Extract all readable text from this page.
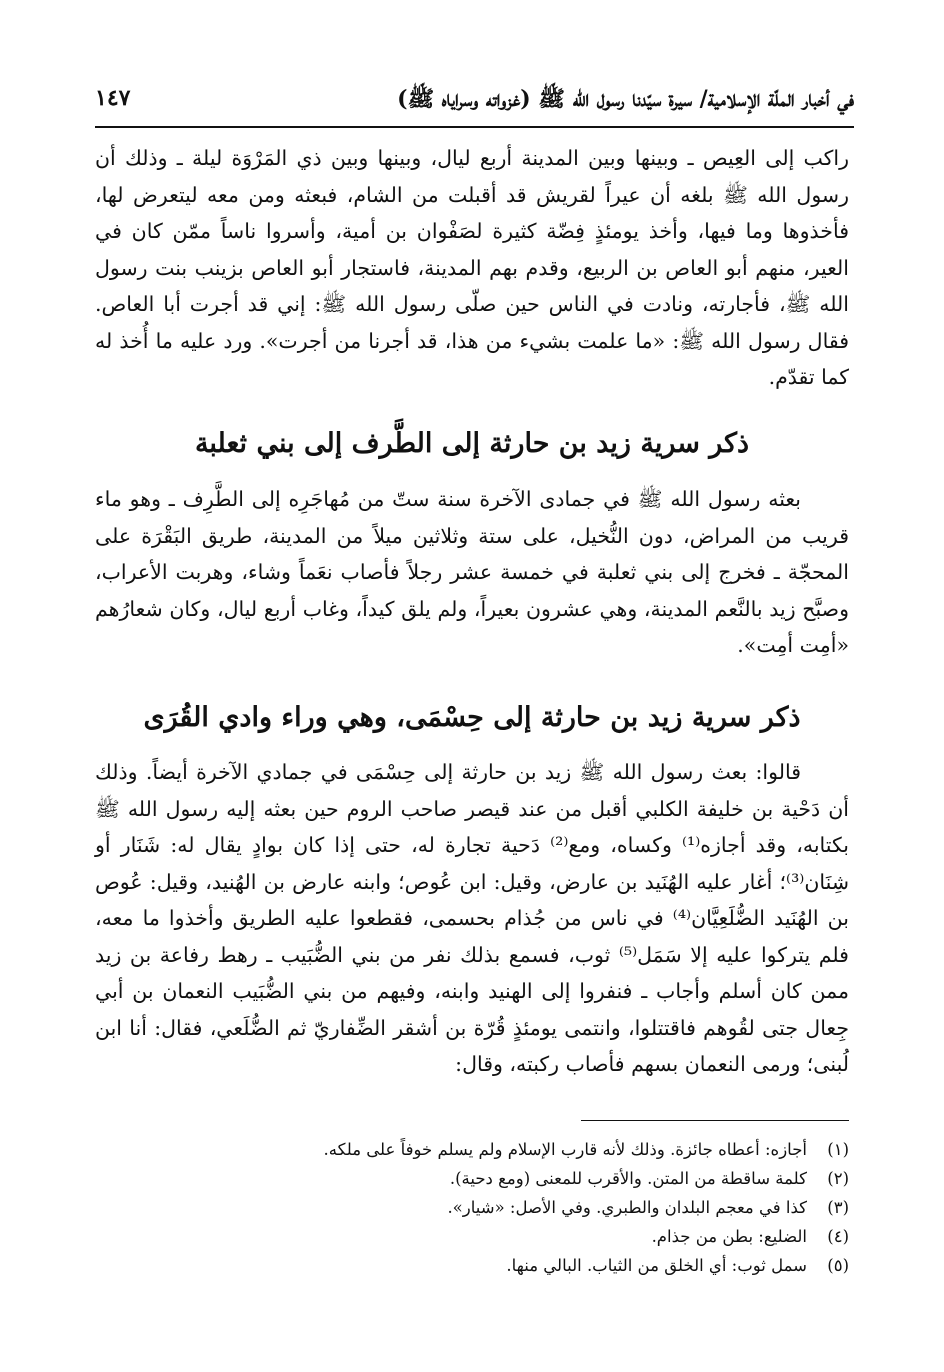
في أخبار الملّة الإسلامية/ سيرة سيّدنا رسول الله ﷺ (غزواته وسراياه ﷺ)
١٤٧

راكب إلى العِيص ـ وبينها وبين المدينة أربع ليال، وبينها وبين ذي المَرْوَة ليلة ـ وذلك أن رسول الله ﷺ بلغه أن عيراً لقريش قد أقبلت من الشام، فبعثه ومن معه ليتعرض لها، فأخذوها وما فيها، وأخذ يومئذٍ فِضّة كثيرة لصَفْوان بن أمية، وأسروا ناساً ممّن كان في العير، منهم أبو العاص بن الربيع، وقدم بهم المدينة، فاستجار أبو العاص بزينب بنت رسول الله ﷺ، فأجارته، ونادت في الناس حين صلّى رسول الله ﷺ: إني قد أجرت أبا العاص. فقال رسول الله ﷺ: «ما علمت بشيء من هذا، قد أجرنا من أجرت». ورد عليه ما أُخذ له كما تقدّم.

ذكر سرية زيد بن حارثة إلى الطَّرف إلى بني ثعلبة

بعثه رسول الله ﷺ في جمادى الآخرة سنة ستّ من مُهاجَرِه إلى الطَّرِف ـ وهو ماء قريب من المراض، دون النُّخيل، على ستة وثلاثين ميلاً من المدينة، طريق البَقْرَة على المحجّة ـ فخرج إلى بني ثعلبة في خمسة عشر رجلاً فأصاب نعَماً وشاء، وهربت الأعراب، وصبَّح زيد بالنَّعم المدينة، وهي عشرون بعيراً، ولم يلق كيداً، وغاب أربع ليال، وكان شعارُهم «أمِت أمِت».

ذكر سرية زيد بن حارثة إلى حِسْمَى، وهي وراء وادي القُرَى

قالوا: بعث رسول الله ﷺ زيد بن حارثة إلى حِسْمَى في جمادي الآخرة أيضاً. وذلك أن دَحْية بن خليفة الكلبي أقبل من عند قيصر صاحب الروم حين بعثه إليه رسول الله ﷺ بكتابه، وقد أجازه⁽¹⁾ وكساه، ومع⁽²⁾ دَحية تجارة له، حتى إذا كان بوادٍ يقال له: شَنَار أو شِنَان⁽³⁾؛ أغار عليه الهُنَيد بن عارض، وقيل: ابن عُوص؛ وابنه عارض بن الهُنيد، وقيل: عُوص بن الهُنَيد الضُّلَعِيَّان⁽⁴⁾ في ناس من جُذام بحسمى، فقطعوا عليه الطريق وأخذوا ما معه، فلم يتركوا عليه إلا سَمَل⁽⁵⁾ ثوب، فسمع بذلك نفر من بني الضُّبَيب ـ رهط رفاعة بن زيد ممن كان أسلم وأجاب ـ فنفروا إلى الهنيد وابنه، وفيهم من بني الضُّبَيب النعمان بن أبي جِعال جتى لقُوهم فاقتتلوا، وانتمى يومئذٍ قُرّة بن أشقر الضِّفاريّ ثم الضُّلَعي، فقال: أنا ابن لُبنى؛ ورمى النعمان بسهم فأصاب ركبته، وقال:

(١)
أجازه: أعطاه جائزة. وذلك لأنه قارب الإسلام ولم يسلم خوفاً على ملكه.
(٢)
كلمة ساقطة من المتن. والأقرب للمعنى (ومع دحية).
(٣)
كذا في معجم البلدان والطبري. وفي الأصل: «شيار».
(٤)
الضليع: بطن من جذام.
(٥)
سمل ثوب: أي الخلق من الثياب. البالي منها.
